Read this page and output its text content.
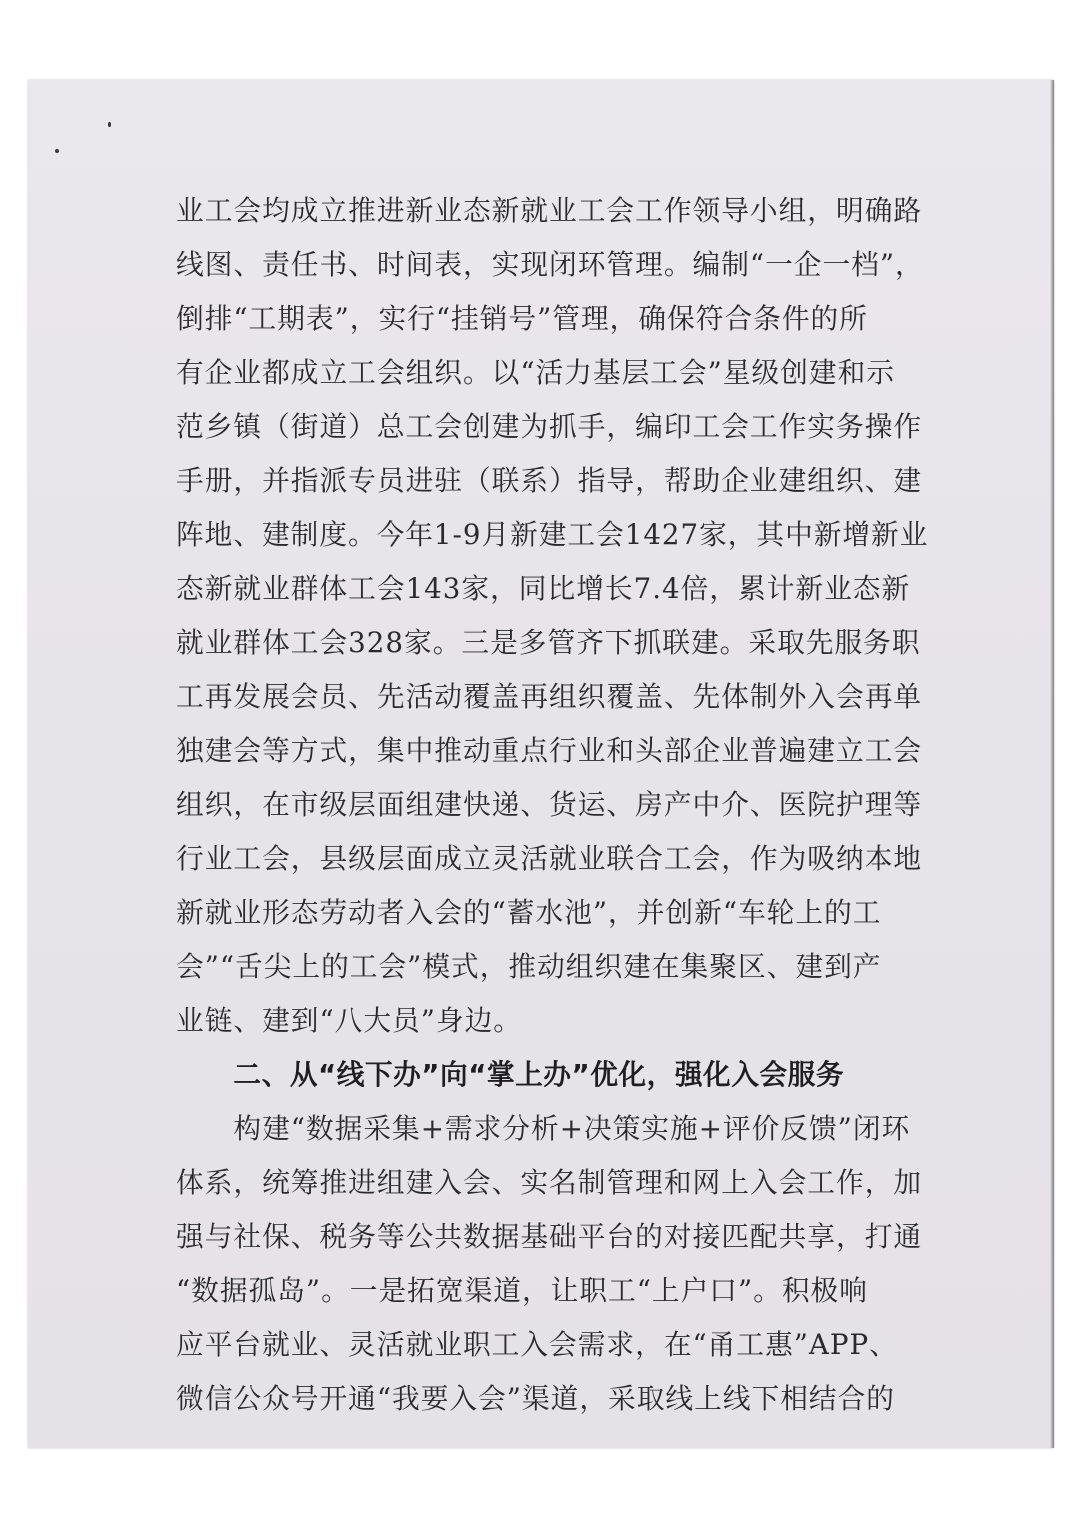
业工会均成立推进新业态新就业工会工作领导小组，明确路
线图、责任书、时间表，实现闭环管理。编制“一企一档”，
倒排“工期表”，实行“挂销号”管理，确保符合条件的所
有企业都成立工会组织。以“活力基层工会”星级创建和示
范乡镇（街道）总工会创建为抓手，编印工会工作实务操作
手册，并指派专员进驻（联系）指导，帮助企业建组织、建
阵地、建制度。今年1-9月新建工会1427家，其中新增新业
态新就业群体工会143家，同比增长7.4倍，累计新业态新
就业群体工会328家。三是多管齐下抓联建。采取先服务职
工再发展会员、先活动覆盖再组织覆盖、先体制外入会再单
独建会等方式，集中推动重点行业和头部企业普遍建立工会
组织，在市级层面组建快递、货运、房产中介、医院护理等
行业工会，县级层面成立灵活就业联合工会，作为吸纳本地
新就业形态劳动者入会的“蓄水池”，并创新“车轮上的工
会”“舌尖上的工会”模式，推动组织建在集聚区、建到产
业链、建到“八大员”身边。
二、从“线下办”向“掌上办”优化，强化入会服务
构建“数据采集+需求分析+决策实施+评价反馈”闭环
体系，统筹推进组建入会、实名制管理和网上入会工作，加
强与社保、税务等公共数据基础平台的对接匹配共享，打通
“数据孤岛”。一是拓宽渠道，让职工“上户口”。积极响
应平台就业、灵活就业职工入会需求，在“甬工惠”APP、
微信公众号开通“我要入会”渠道，采取线上线下相结合的
